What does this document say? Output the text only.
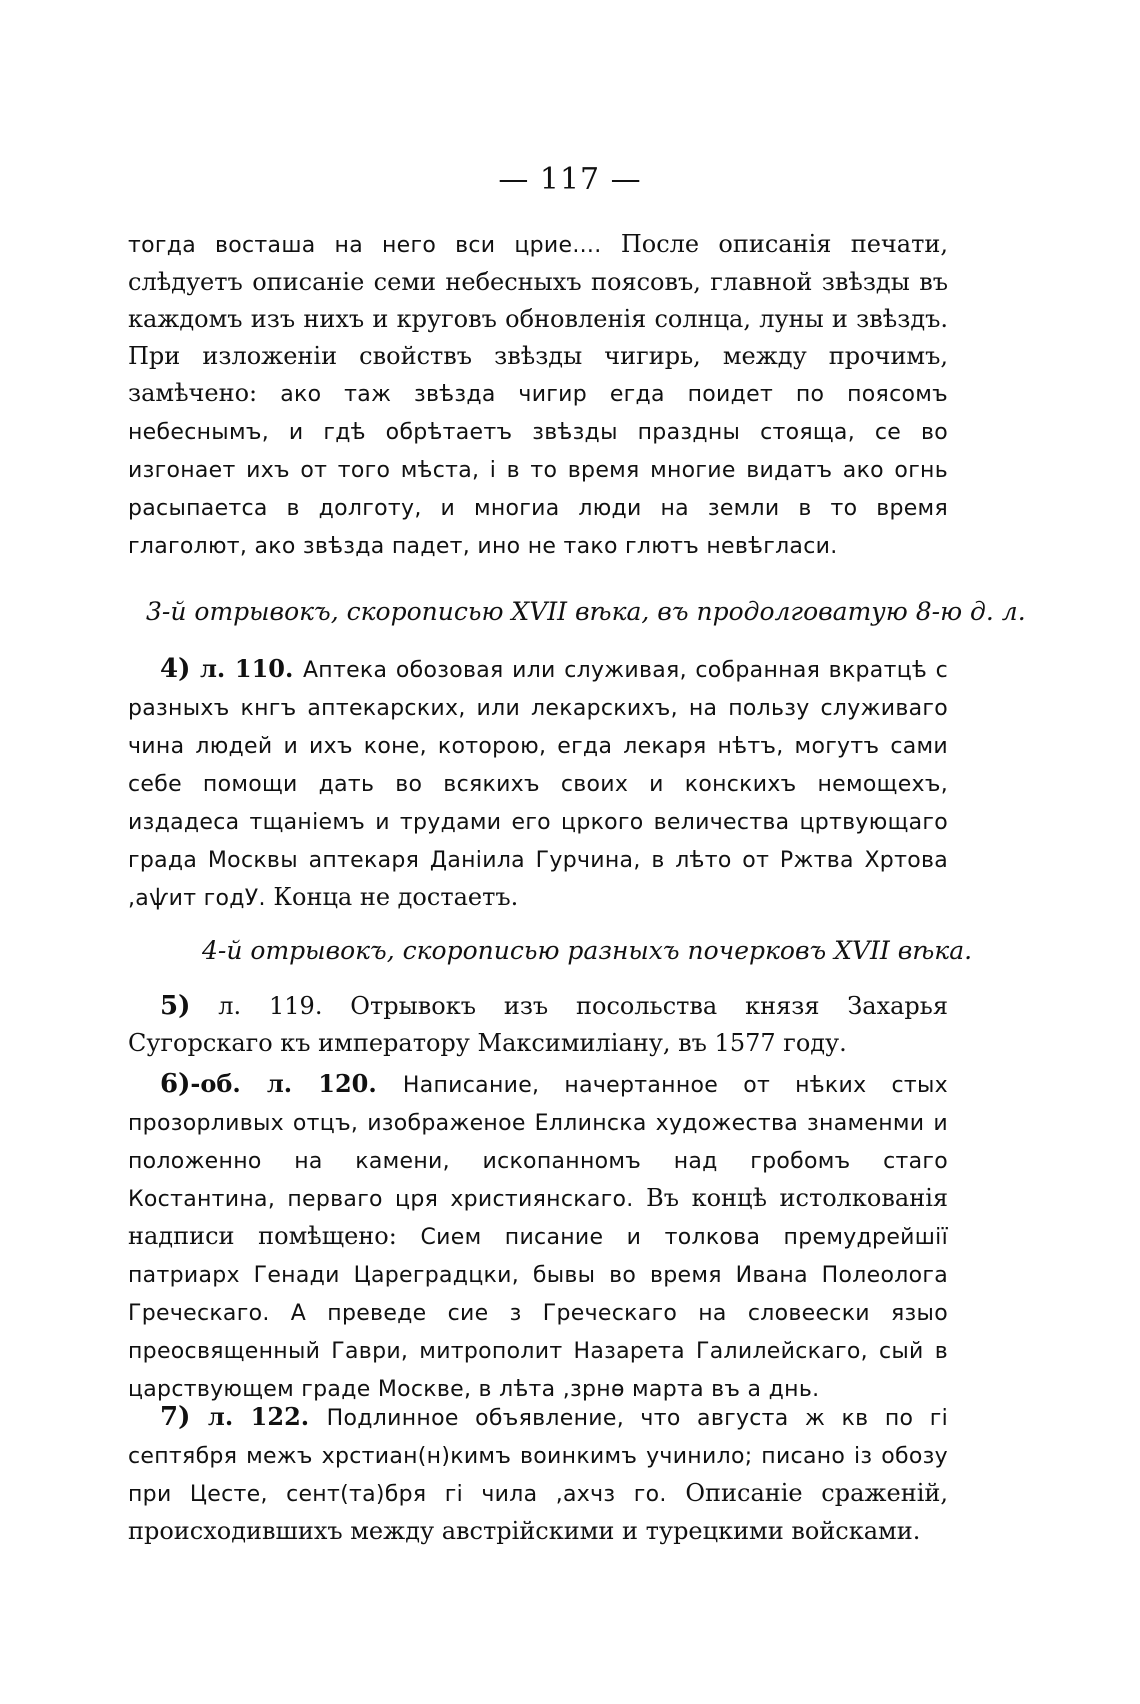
— 117 —

тогда восташа на него вси црие.... После описанія печати, слѣдуетъ описаніе семи небесныхъ поясовъ, главной звѣзды въ каждомъ изъ нихъ и круговъ обновленія солнца, луны и звѣздъ. При изложеніи свойствъ звѣзды чигирь, между прочимъ, замѣчено: ако таж звѣзда чигир егда поидет по поясомъ небеснымъ, и гдѣ обрѣтаетъ звѣзды праздны стояща, се во изгонает ихъ от того мѣста, і в то время многие видатъ ако огнь расыпаетса в долготу, и многиа люди на земли в то время глаголют, ако звѣзда падет, ино не тако глютъ невѣгласи.

3-й отрывокъ, скорописью XVII вѣка, въ продолговатую 8-ю д. л.
4) л. 110. Аптека обозовая или служивая, собранная вкратцѣ с разныхъ кнгъ аптекарских, или лекарскихъ, на пользу служиваго чина людей и ихъ коне, которою, егда лекаря нѣтъ, могутъ сами себе помощи дать во всякихъ своих и конскихъ немощехъ, издадеса тщаніемъ и трудами его цркого величества цртвующаго града Москвы аптекаря Даніила Гурчина, в лѣто от Ржтва Хртова ,аѱит годУ. Конца не достаетъ.
4-й отрывокъ, скорописью разныхъ почерковъ XVII вѣка.
5) л. 119. Отрывокъ изъ посольства князя Захарья Сугорскаго къ императору Максимиліану, въ 1577 году.
6)-об. л. 120. Написание, начертанное от нѣких стых прозорливых отцъ, изображеное Еллинска художества знаменми и положенно на камени, ископанномъ над гробомъ стаго Костантина, перваго цря християнскаго. Въ концѣ истолкованія надписи помѣщено: Сием писание и толкова премудрейшії патриарх Генади Цареградцки, бывы во время Ивана Полеолога Греческаго. А преведе сие з Греческаго на словеески языо преосвященный Гаври, митрополит Назарета Галилейскаго, сый в царствующем граде Москве, в лѣта ,зрнө марта въ а днь.
7) л. 122. Подлинное объявление, что августа ж кв по гі септября межъ хрстиан(н)кимъ воинкимъ учинило; писано із обозу при Цесте, сент(та)бря гі чила ,ахчз го. Описаніе сраженій, происходившихъ между австрійскими и турецкими войсками.
